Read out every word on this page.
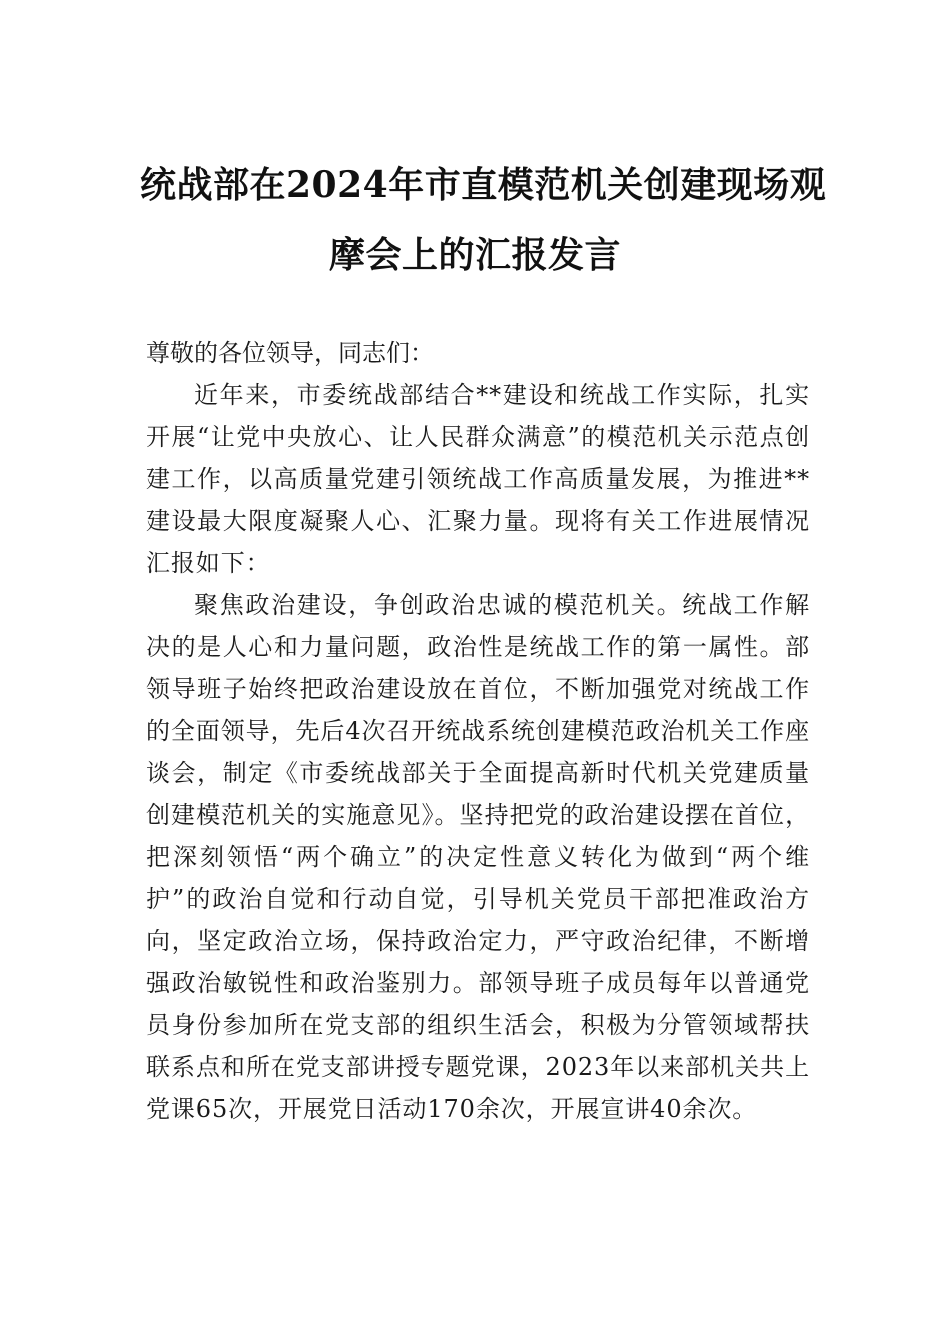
统战部在2024年市直模范机关创建现场观
摩会上的汇报发言

尊敬的各位领导，同志们：

近年来，市委统战部结合**建设和统战工作实际，扎实开展“让党中央放心、让人民群众满意”的模范机关示范点创建工作，以高质量党建引领统战工作高质量发展，为推进**建设最大限度凝聚人心、汇聚力量。现将有关工作进展情况汇报如下：

聚焦政治建设，争创政治忠诚的模范机关。统战工作解决的是人心和力量问题，政治性是统战工作的第一属性。部领导班子始终把政治建设放在首位，不断加强党对统战工作的全面领导，先后4次召开统战系统创建模范政治机关工作座谈会，制定《市委统战部关于全面提高新时代机关党建质量创建模范机关的实施意见》。坚持把党的政治建设摆在首位，把深刻领悟“两个确立”的决定性意义转化为做到“两个维护”的政治自觉和行动自觉，引导机关党员干部把准政治方向，坚定政治立场，保持政治定力，严守政治纪律，不断增强政治敏锐性和政治鉴别力。部领导班子成员每年以普通党员身份参加所在党支部的组织生活会，积极为分管领域帮扶联系点和所在党支部讲授专题党课，2023年以来部机关共上党课65次，开展党日活动170余次，开展宣讲40余次。
